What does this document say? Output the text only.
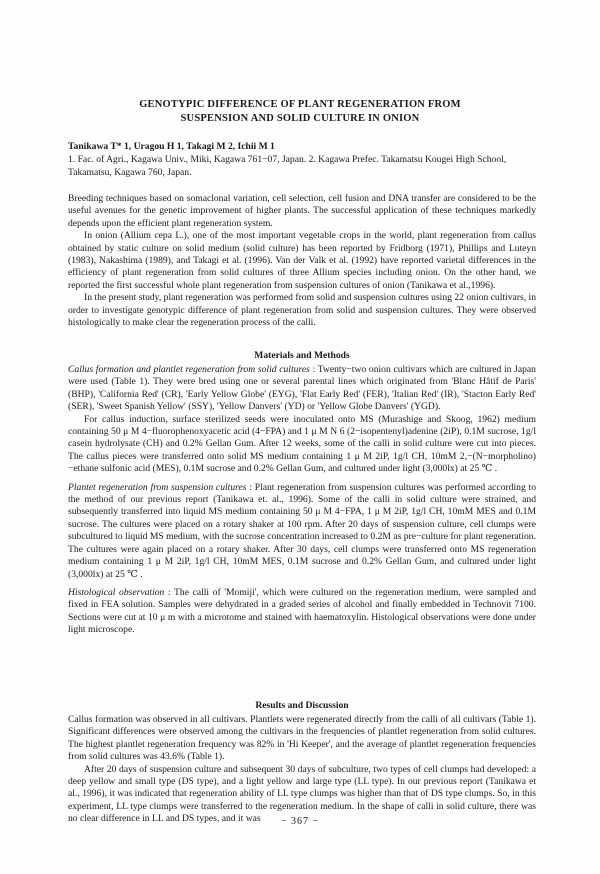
GENOTYPIC DIFFERENCE OF PLANT REGENERATION FROM
SUSPENSION AND SOLID CULTURE IN ONION
Tanikawa T* 1, Uragou H 1, Takagi M 2, Ichii M 1
1. Fac. of Agri., Kagawa Univ., Miki, Kagawa 761−07, Japan. 2. Kagawa Prefec. Takamatsu Kougei High School, Takamatsu, Kagawa 760, Japan.

Breeding techniques based on somaclonal variation, cell selection, cell fusion and DNA transfer are considered to be the useful avenues for the genetic improvement of higher plants. The successful application of these techniques markedly depends upon the efficient plant regeneration system.

In onion (Allium cepa L.), one of the most important vegetable crops in the world, plant regeneration from callus obtained by static culture on solid medium (solid culture) has been reported by Fridborg (1971), Phillips and Luteyn (1983), Nakashima (1989), and Takagi et al. (1996). Van der Valk et al. (1992) have reported varietal differences in the efficiency of plant regeneration from solid cultures of three Allium species including onion. On the other hand, we reported the first successful whole plant regeneration from suspension cultures of onion (Tanikawa et al.,1996).

In the present study, plant regeneration was performed from solid and suspension cultures using 22 onion cultivars, in order to investigate genotypic difference of plant regeneration from solid and suspension cultures. They were observed histologically to make clear the regeneration process of the calli.

Materials and Methods

Callus formation and plantlet regeneration from solid cultures : Twenty−two onion cultivars which are cultured in Japan were used (Table 1). They were bred using one or several parental lines which originated from 'Blanc Hâtif de Paris' (BHP), 'California Red' (CR), 'Early Yellow Globe' (EYG), 'Flat Early Red' (FER), 'Italian Red' (IR), 'Stacton Early Red' (SER), 'Sweet Spanish Yellow' (SSY), 'Yellow Danvers' (YD) or 'Yellow Globe Danvers' (YGD).

For callus induction, surface sterilized seeds were inoculated onto MS (Murashige and Skoog, 1962) medium containing 50 μ M 4−fluorophenoxyacetic acid (4−FPA) and 1 μ M N 6 (2−isopentenyl)adenine (2iP), 0.1M sucrose, 1g/l casein hydrolysate (CH) and 0.2% Gellan Gum. After 12 weeks, some of the calli in solid culture were cut into pieces. The callus pieces were transferred onto solid MS medium containing 1 μ M 2iP, 1g/l CH, 10mM 2,−(N−morpholino)−ethane sulfonic acid (MES), 0.1M sucrose and 0.2% Gellan Gum, and cultured under light (3,000lx) at 25 ℃ .

Plantet regeneration from suspension cultures : Plant regeneration from suspension cultures was performed according to the method of our previous report (Tanikawa et. al., 1996). Some of the calli in solid culture were strained, and subsequently transferred into liquid MS medium containing 50 μ M 4−FPA, 1 μ M 2iP, 1g/l CH, 10mM MES and 0.1M sucrose. The cultures were placed on a rotary shaker at 100 rpm. After 20 days of suspension culture, cell clumps were subcultured to liquid MS medium, with the sucrose concentration increased to 0.2M as pre−culture for plant regeneration. The cultures were again placed on a rotary shaker. After 30 days, cell clumps were transferred onto MS regeneration medium containing 1 μ M 2iP, 1g/l CH, 10mM MES, 0.1M sucrose and 0.2% Gellan Gum, and cultured under light (3,000lx) at 25 ℃ .

Histological observation : The calli of 'Momiji', which were cultured on the regeneration medium, were sampled and fixed in FEA solution. Samples were dehydrated in a graded series of alcohol and finally embedded in Technovit 7100. Sections were cut at 10 μ m with a microtome and stained with haematoxylin. Histological observations were done under light microscope.

Results and Discussion

Callus formation was observed in all cultivars. Plantlets were regenerated directly from the calli of all cultivars (Table 1). Significant differences were observed among the cultivars in the frequencies of plantlet regeneration from solid cultures. The highest plantlet regeneration frequency was 82% in 'Hi Keeper', and the average of plantlet regeneration frequencies from solid cultures was 43.6% (Table 1).

After 20 days of suspension culture and subsequent 30 days of subculture, two types of cell clumps had developed: a deep yellow and small type (DS type), and a light yellow and large type (LL type). In our previous report (Tanikawa et al., 1996), it was indicated that regeneration ability of LL type clumps was higher than that of DS type clumps. So, in this experiment, LL type clumps were transferred to the regeneration medium. In the shape of calli in solid culture, there was no clear difference in LL and DS types, and it was	− 367 −
